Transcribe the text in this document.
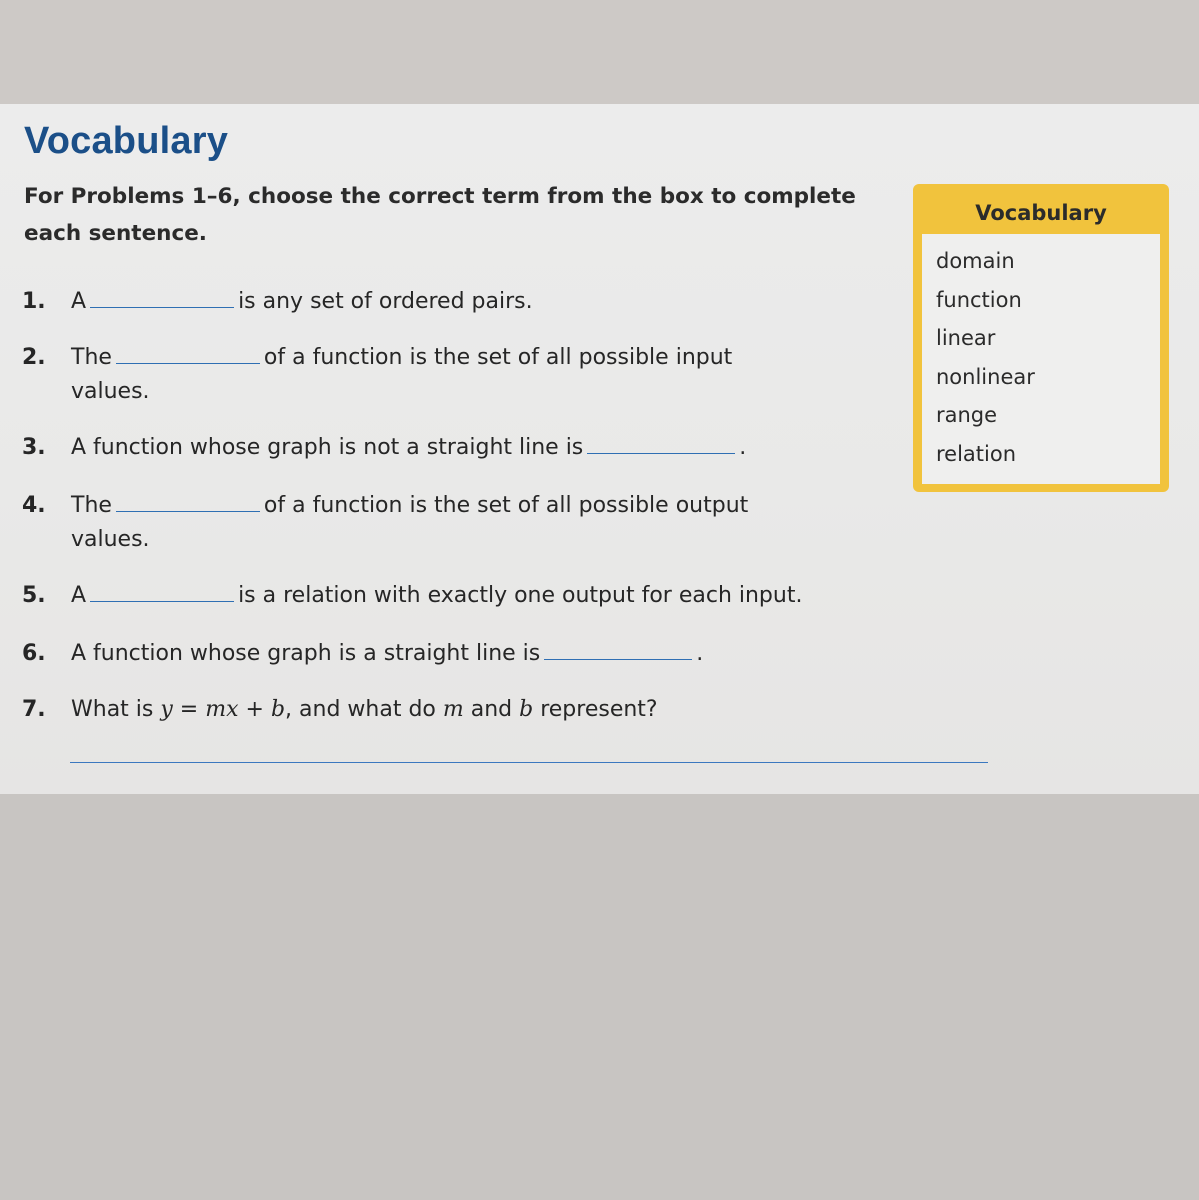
Vocabulary
For Problems 1–6, choose the correct term from the box to complete each sentence.
1. A	is any set of ordered pairs.
2. The	of a function is the set of all possible input
values.
3. A function whose graph is not a straight line is	.
4. The	of a function is the set of all possible output
values.
5. A	is a relation with exactly one output for each input.
6. A function whose graph is a straight line is	.
7. What is y = mx + b, and what do m and b represent?
Vocabulary
domain
function
linear
nonlinear
range
relation
